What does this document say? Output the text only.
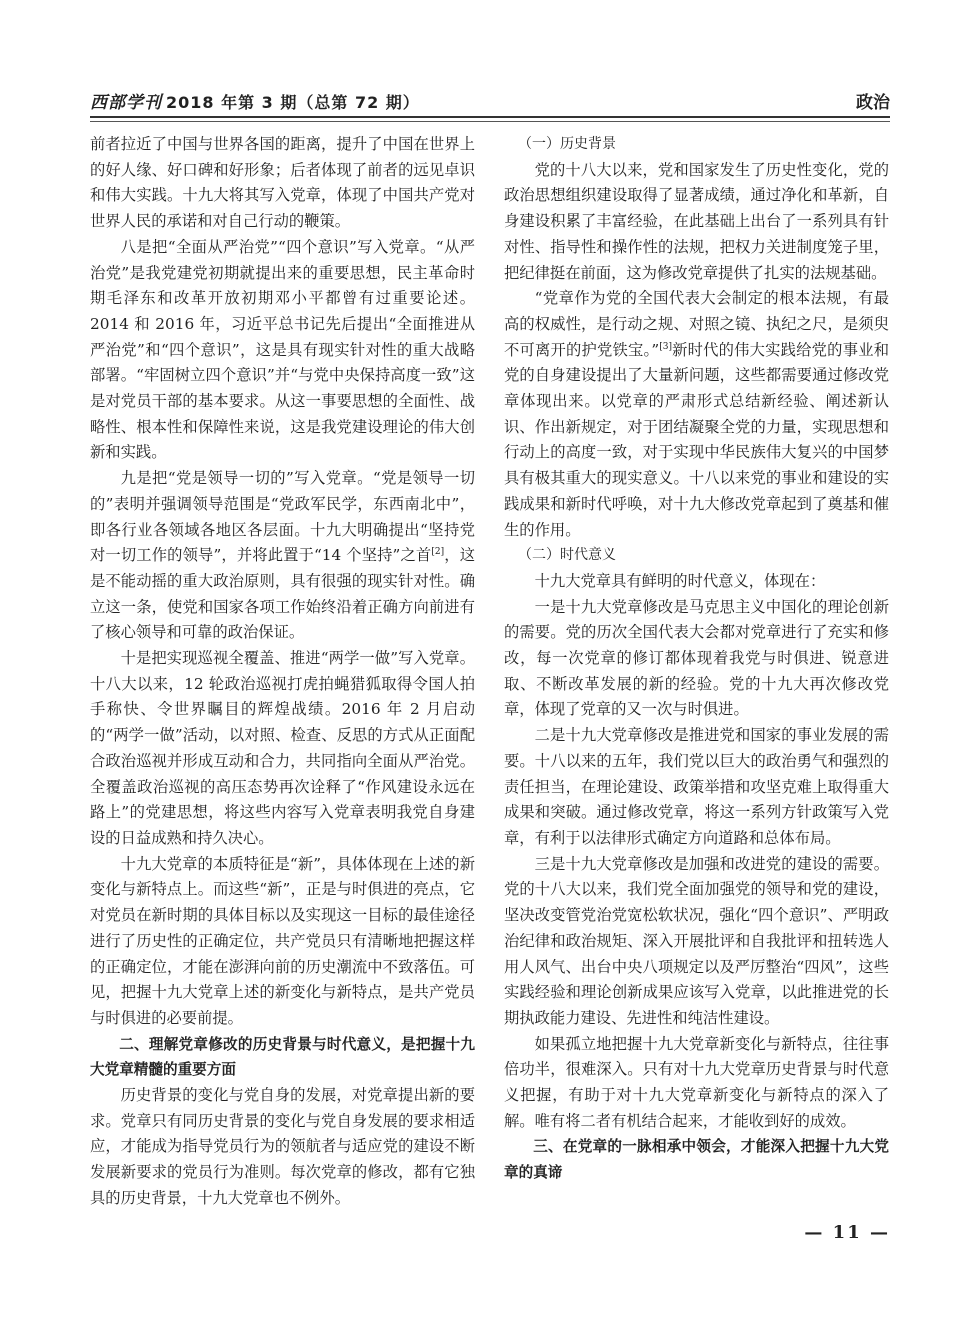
西部学刊 2018 年第 3 期（总第 72 期）	政治

前者拉近了中国与世界各国的距离，提升了中国在世界上的好人缘、好口碑和好形象；后者体现了前者的远见卓识和伟大实践。十九大将其写入党章，体现了中国共产党对世界人民的承诺和对自己行动的鞭策。

八是把“全面从严治党”“四个意识”写入党章。“从严治党”是我党建党初期就提出来的重要思想，民主革命时期毛泽东和改革开放初期邓小平都曾有过重要论述。2014 和 2016 年，习近平总书记先后提出“全面推进从严治党”和“四个意识”，这是具有现实针对性的重大战略部署。“牢固树立四个意识”并“与党中央保持高度一致”这是对党员干部的基本要求。从这一事要思想的全面性、战略性、根本性和保障性来说，这是我党建设理论的伟大创新和实践。

九是把“党是领导一切的”写入党章。“党是领导一切的”表明并强调领导范围是“党政军民学，东西南北中”，即各行业各领域各地区各层面。十九大明确提出“坚持党对一切工作的领导”，并将此置于“14 个坚持”之首[2]，这是不能动摇的重大政治原则，具有很强的现实针对性。确立这一条，使党和国家各项工作始终沿着正确方向前进有了核心领导和可靠的政治保证。

十是把实现巡视全覆盖、推进“两学一做”写入党章。十八大以来，12 轮政治巡视打虎拍蝇猎狐取得令国人拍手称快、令世界瞩目的辉煌战绩。2016 年 2 月启动的“两学一做”活动，以对照、检查、反思的方式从正面配合政治巡视并形成互动和合力，共同指向全面从严治党。全覆盖政治巡视的高压态势再次诠释了“作风建设永远在路上”的党建思想，将这些内容写入党章表明我党自身建设的日益成熟和持久决心。

十九大党章的本质特征是“新”，具体体现在上述的新变化与新特点上。而这些“新”，正是与时俱进的亮点，它对党员在新时期的具体目标以及实现这一目标的最佳途径进行了历史性的正确定位，共产党员只有清晰地把握这样的正确定位，才能在澎湃向前的历史潮流中不致落伍。可见，把握十九大党章上述的新变化与新特点，是共产党员与时俱进的必要前提。

二、理解党章修改的历史背景与时代意义，是把握十九大党章精髓的重要方面

历史背景的变化与党自身的发展，对党章提出新的要求。党章只有同历史背景的变化与党自身发展的要求相适应，才能成为指导党员行为的领航者与适应党的建设不断发展新要求的党员行为准则。每次党章的修改，都有它独具的历史背景，十九大党章也不例外。

（一）历史背景

党的十八大以来，党和国家发生了历史性变化，党的政治思想组织建设取得了显著成绩，通过净化和革新，自身建设积累了丰富经验，在此基础上出台了一系列具有针对性、指导性和操作性的法规，把权力关进制度笼子里，把纪律挺在前面，这为修改党章提供了扎实的法规基础。

“党章作为党的全国代表大会制定的根本法规，有最高的权威性，是行动之规、对照之镜、执纪之尺，是须臾不可离开的护党铁宝。”[3]新时代的伟大实践给党的事业和党的自身建设提出了大量新问题，这些都需要通过修改党章体现出来。以党章的严肃形式总结新经验、阐述新认识、作出新规定，对于团结凝聚全党的力量，实现思想和行动上的高度一致，对于实现中华民族伟大复兴的中国梦具有极其重大的现实意义。十八以来党的事业和建设的实践成果和新时代呼唤，对十九大修改党章起到了奠基和催生的作用。

（二）时代意义

十九大党章具有鲜明的时代意义，体现在：

一是十九大党章修改是马克思主义中国化的理论创新的需要。党的历次全国代表大会都对党章进行了充实和修改，每一次党章的修订都体现着我党与时俱进、锐意进取、不断改革发展的新的经验。党的十九大再次修改党章，体现了党章的又一次与时俱进。

二是十九大党章修改是推进党和国家的事业发展的需要。十八以来的五年，我们党以巨大的政治勇气和强烈的责任担当，在理论建设、政策举措和攻坚克难上取得重大成果和突破。通过修改党章，将这一系列方针政策写入党章，有利于以法律形式确定方向道路和总体布局。

三是十九大党章修改是加强和改进党的建设的需要。党的十八大以来，我们党全面加强党的领导和党的建设，坚决改变管党治党宽松软状况，强化“四个意识”、严明政治纪律和政治规矩、深入开展批评和自我批评和扭转选人用人风气、出台中央八项规定以及严厉整治“四风”，这些实践经验和理论创新成果应该写入党章，以此推进党的长期执政能力建设、先进性和纯洁性建设。

如果孤立地把握十九大党章新变化与新特点，往往事倍功半，很难深入。只有对十九大党章历史背景与时代意义把握，有助于对十九大党章新变化与新特点的深入了解。唯有将二者有机结合起来，才能收到好的成效。

三、在党章的一脉相承中领会，才能深入把握十九大党章的真谛

— 11 —
